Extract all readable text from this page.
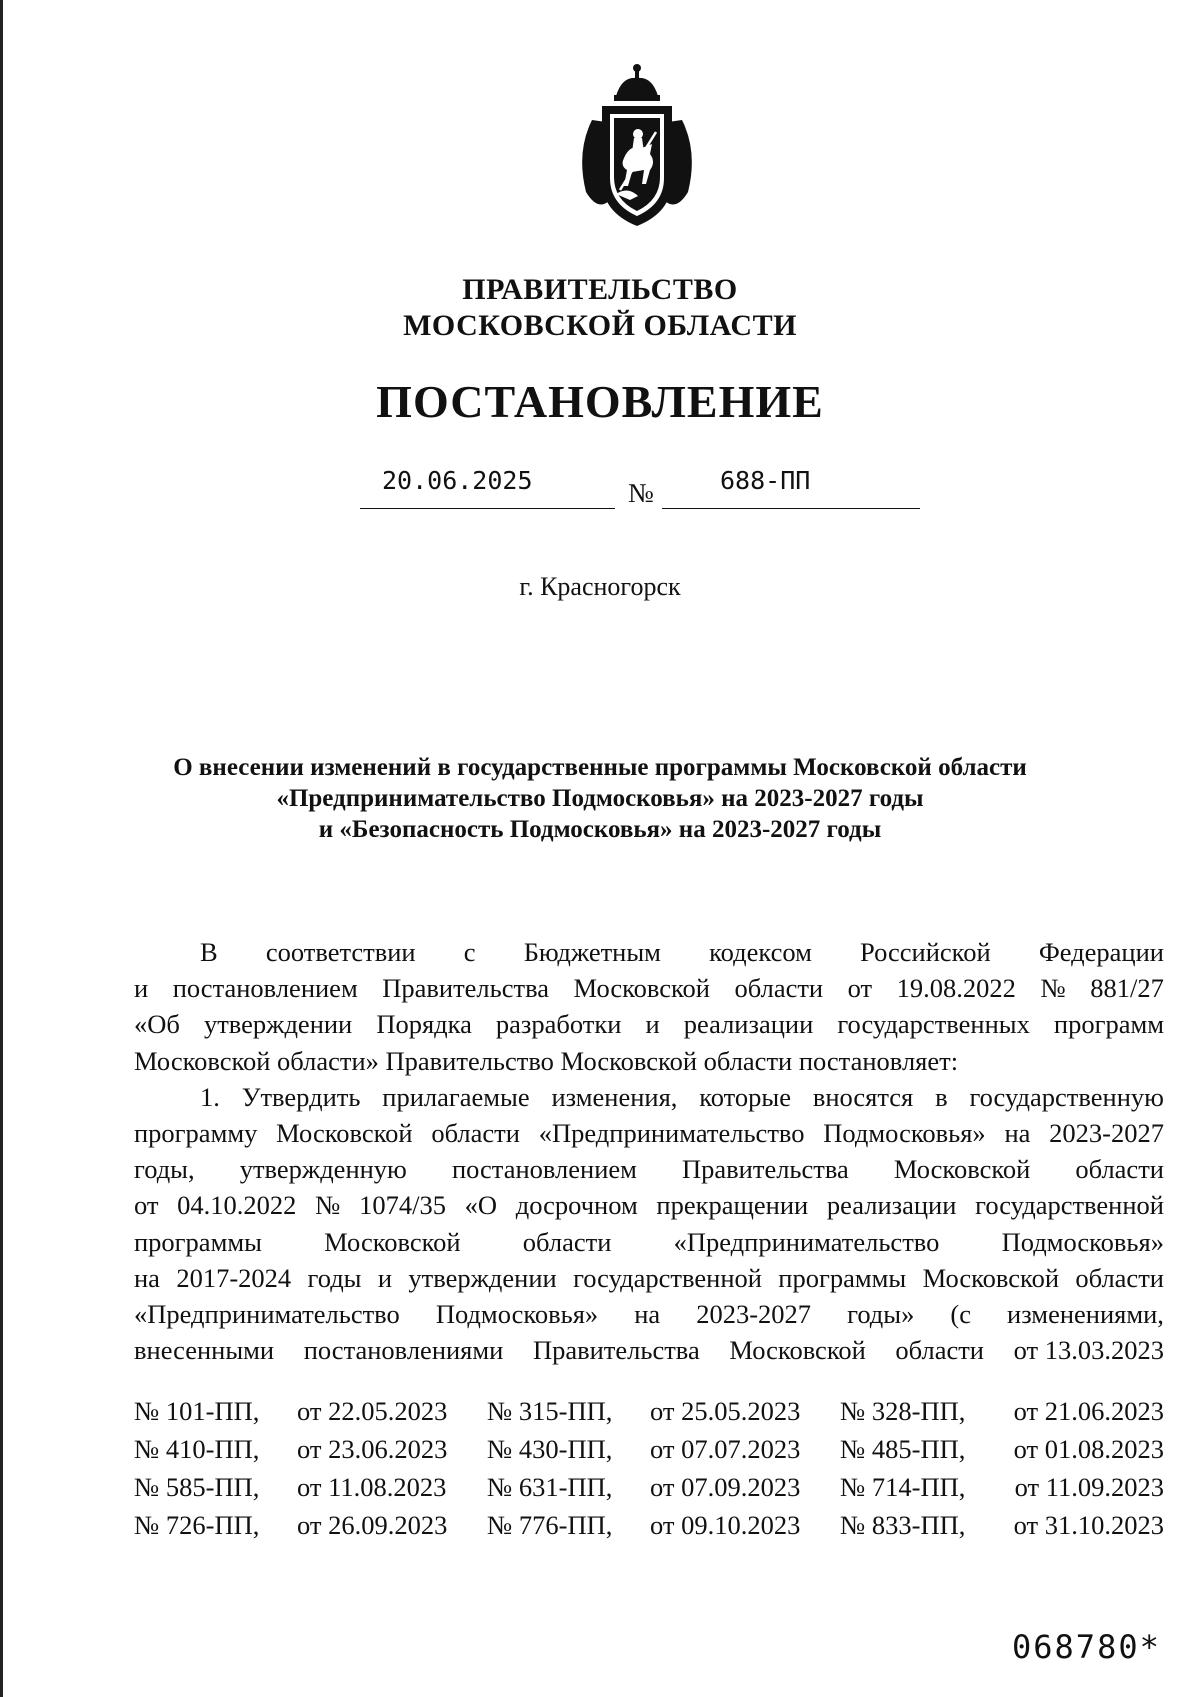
ПРАВИТЕЛЬСТВО
МОСКОВСКОЙ ОБЛАСТИ
ПОСТАНОВЛЕНИЕ
20.06.2025	№	688-ПП
г. Красногорск
О внесении изменений в государственные программы Московской области
«Предпринимательство Подмосковья» на 2023-2027 годы
и «Безопасность Подмосковья» на 2023-2027 годы
В соответствии с Бюджетным кодексом Российской Федерации
и постановлением Правительства Московской области от 19.08.2022 № 881/27
«Об утверждении Порядка разработки и реализации государственных программ
Московской области» Правительство Московской области постановляет:
1. Утвердить прилагаемые изменения, которые вносятся в государственную
программу Московской области «Предпринимательство Подмосковья» на 2023-2027
годы, утвержденную постановлением Правительства Московской области
от 04.10.2022 № 1074/35 «О досрочном прекращении реализации государственной
программы Московской области «Предпринимательство Подмосковья»
на 2017-2024 годы и утверждении государственной программы Московской области
«Предпринимательство Подмосковья» на 2023-2027 годы» (с изменениями,
внесенными постановлениями Правительства Московской области от 13.03.2023
№ 101-ПП,	от 22.05.2023	№ 315-ПП,	от 25.05.2023	№ 328-ПП,	от 21.06.2023
№ 410-ПП,	от 23.06.2023	№ 430-ПП,	от 07.07.2023	№ 485-ПП,	от 01.08.2023
№ 585-ПП,	от 11.08.2023	№ 631-ПП,	от 07.09.2023	№ 714-ПП,	от 11.09.2023
№ 726-ПП,	от 26.09.2023	№ 776-ПП,	от 09.10.2023	№ 833-ПП,	от 31.10.2023
068780*
